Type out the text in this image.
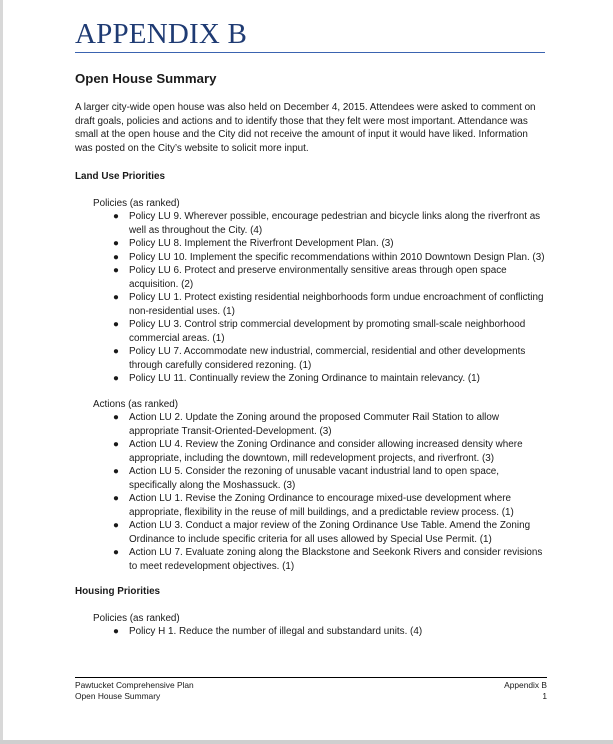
APPENDIX B
Open House Summary

A larger city-wide open house was also held on December 4, 2015. Attendees were asked to comment on draft goals, policies and actions and to identify those that they felt were most important. Attendance was small at the open house and the City did not receive the amount of input it would have liked. Information was posted on the City’s website to solicit more input.

Land Use Priorities

Policies (as ranked)

● Policy LU 9. Wherever possible, encourage pedestrian and bicycle links along the riverfront as well as throughout the City. (4)
● Policy LU 8. Implement the Riverfront Development Plan. (3)
● Policy LU 10. Implement the specific recommendations within 2010 Downtown Design Plan. (3)
● Policy LU 6. Protect and preserve environmentally sensitive areas through open space acquisition. (2)
● Policy LU 1. Protect existing residential neighborhoods form undue encroachment of conflicting non-residential uses. (1)
● Policy LU 3. Control strip commercial development by promoting small-scale neighborhood commercial areas. (1)
● Policy LU 7. Accommodate new industrial, commercial, residential and other developments through carefully considered rezoning. (1)
● Policy LU 11. Continually review the Zoning Ordinance to maintain relevancy. (1)

Actions (as ranked)

● Action LU 2. Update the Zoning around the proposed Commuter Rail Station to allow appropriate Transit-Oriented-Development. (3)
● Action LU 4. Review the Zoning Ordinance and consider allowing increased density where appropriate, including the downtown, mill redevelopment projects, and riverfront. (3)
● Action LU 5. Consider the rezoning of unusable vacant industrial land to open space, specifically along the Moshassuck. (3)
● Action LU 1. Revise the Zoning Ordinance to encourage mixed-use development where appropriate, flexibility in the reuse of mill buildings, and a predictable review process. (1)
● Action LU 3. Conduct a major review of the Zoning Ordinance Use Table. Amend the Zoning Ordinance to include specific criteria for all uses allowed by Special Use Permit. (1)
● Action LU 7. Evaluate zoning along the Blackstone and Seekonk Rivers and consider revisions to meet redevelopment objectives. (1)
Housing Priorities

Policies (as ranked)

● Policy H 1. Reduce the number of illegal and substandard units. (4)
Pawtucket Comprehensive Plan
Open House Summary
Appendix B
1
